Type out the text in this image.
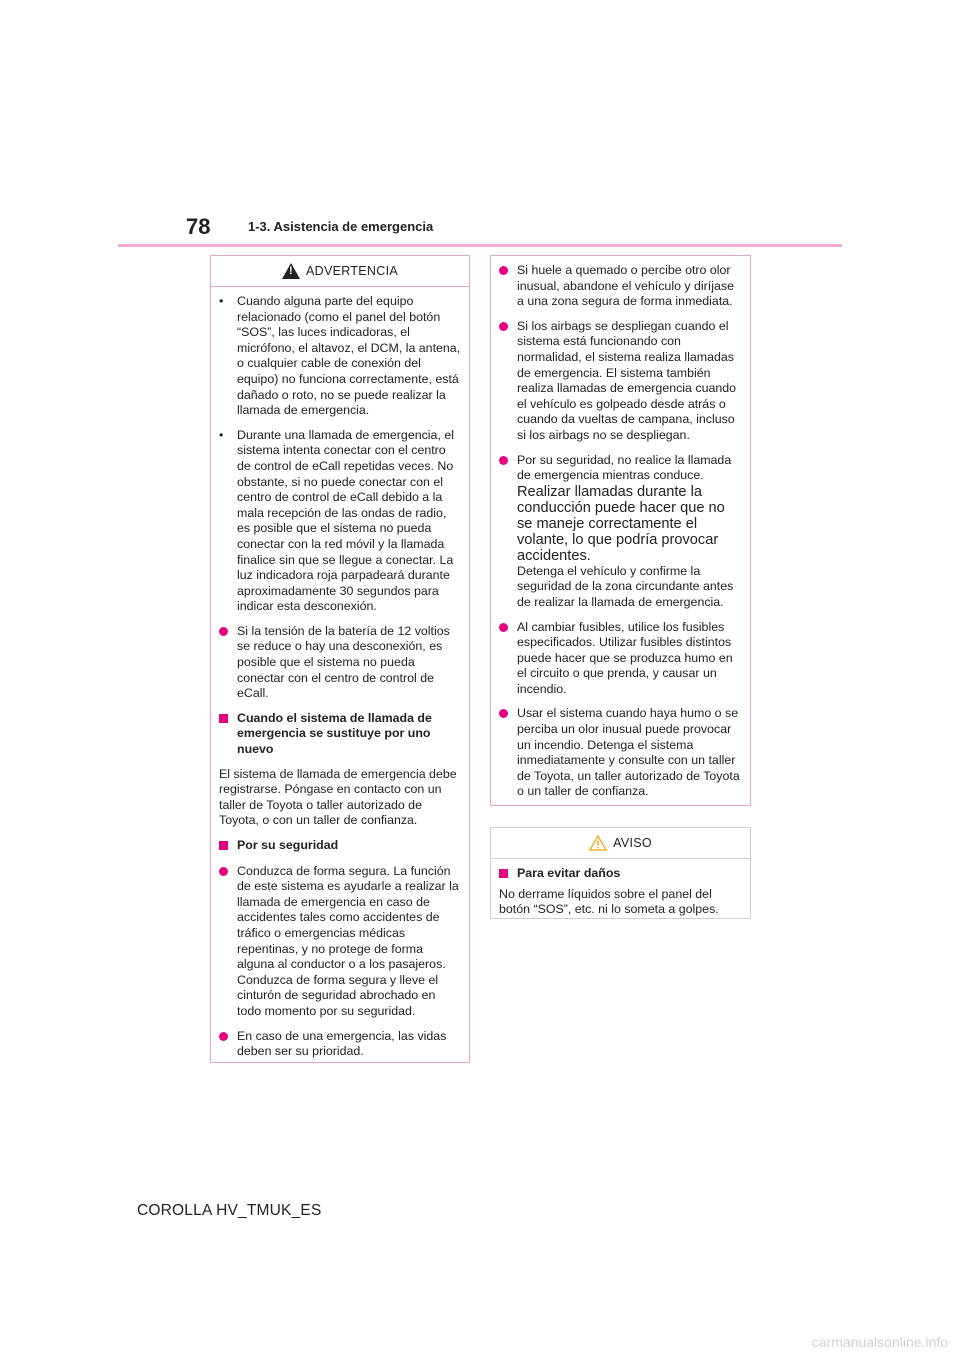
78	1-3. Asistencia de emergencia
!
ADVERTENCIA
•	Cuando alguna parte del equipo relacionado (como el panel del botón “SOS”, las luces indicadoras, el micrófono, el altavoz, el DCM, la antena, o cualquier cable de conexión del equipo) no funciona correctamente, está dañado o roto, no se puede realizar la llamada de emergencia.
•	Durante una llamada de emergencia, el sistema intenta conectar con el centro de control de eCall repetidas veces. No obstante, si no puede conectar con el centro de control de eCall debido a la mala recepción de las ondas de radio, es posible que el sistema no pueda conectar con la red móvil y la llamada finalice sin que se llegue a conectar. La luz indicadora roja parpadeará durante aproximadamente 30 segundos para indicar esta desconexión.
Si la tensión de la batería de 12 voltios se reduce o hay una desconexión, es posible que el sistema no pueda conectar con el centro de control de eCall.
Cuando el sistema de llamada de emergencia se sustituye por uno nuevo
El sistema de llamada de emergencia debe registrarse. Póngase en contacto con un taller de Toyota o taller autorizado de Toyota, o con un taller de confianza.
Por su seguridad
Conduzca de forma segura. La función de este sistema es ayudarle a realizar la llamada de emergencia en caso de accidentes tales como accidentes de tráfico o emergencias médicas repentinas, y no protege de forma alguna al conductor o a los pasajeros. Conduzca de forma segura y lleve el cinturón de seguridad abrochado en todo momento por su seguridad.
En caso de una emergencia, las vidas deben ser su prioridad.
Si huele a quemado o percibe otro olor inusual, abandone el vehículo y diríjase a una zona segura de forma inmediata.
Si los airbags se despliegan cuando el sistema está funcionando con normalidad, el sistema realiza llamadas de emergencia. El sistema también realiza llamadas de emergencia cuando el vehículo es golpeado desde atrás o cuando da vueltas de campana, incluso si los airbags no se despliegan.
Por su seguridad, no realice la llamada de emergencia mientras conduce.
Realizar llamadas durante la conducción puede hacer que no se maneje correctamente el volante, lo que podría provocar accidentes.
Detenga el vehículo y confirme la seguridad de la zona circundante antes de realizar la llamada de emergencia.
Al cambiar fusibles, utilice los fusibles especificados. Utilizar fusibles distintos puede hacer que se produzca humo en el circuito o que prenda, y causar un incendio.
Usar el sistema cuando haya humo o se perciba un olor inusual puede provocar un incendio. Detenga el sistema inmediatamente y consulte con un taller de Toyota, un taller autorizado de Toyota o un taller de confianza.
AVISO
Para evitar daños
No derrame líquidos sobre el panel del botón “SOS”, etc. ni lo someta a golpes.
COROLLA HV_TMUK_ES
carmanualsonline.info
